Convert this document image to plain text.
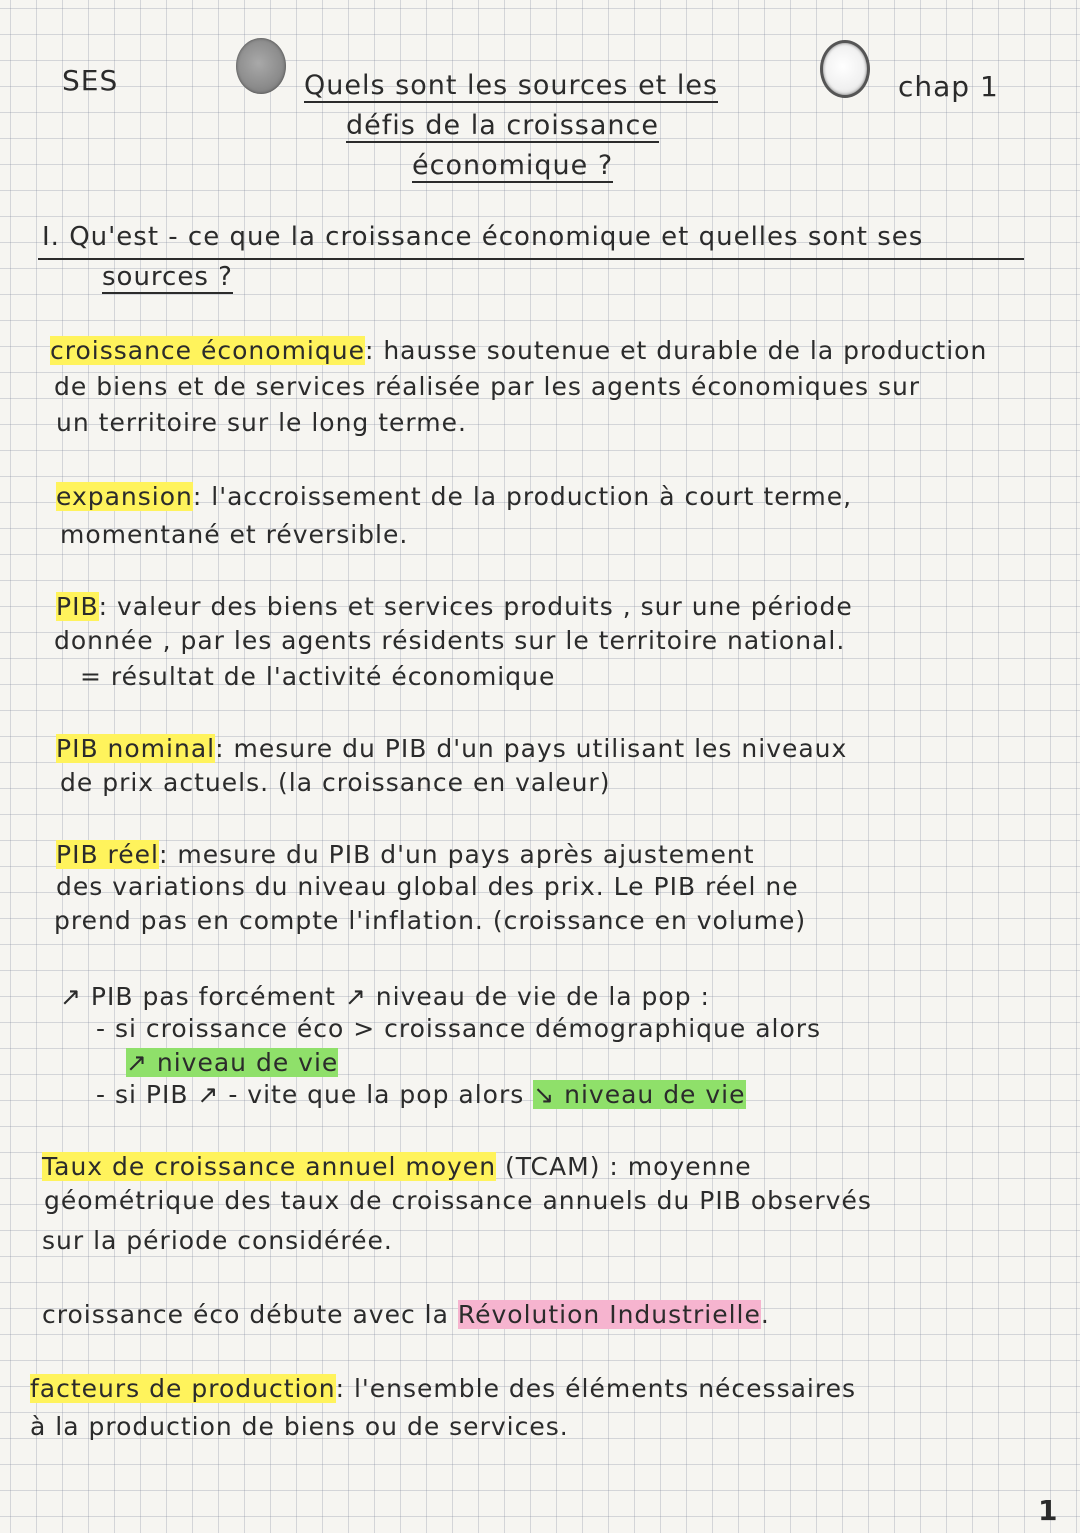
SES	chap 1
Quels sont les sources et les
défis de la croissance
économique ?
I. Qu'est - ce que la croissance économique et quelles sont ses
sources ?
croissance économique: hausse soutenue et durable de la production
de biens et de services réalisée par les agents économiques sur
un territoire sur le long terme.
expansion: l'accroissement de la production à court terme,
momentané et réversible.
PIB: valeur des biens et services produits , sur une période
donnée , par les agents résidents sur le territoire national.
= résultat de l'activité économique
PIB nominal: mesure du PIB d'un pays utilisant les niveaux
de prix actuels. (la croissance en valeur)
PIB réel: mesure du PIB d'un pays après ajustement
des variations du niveau global des prix. Le PIB réel ne
prend pas en compte l'inflation. (croissance en volume)
↗ PIB pas forcément ↗ niveau de vie de la pop :
- si croissance éco > croissance démographique alors
↗ niveau de vie
- si PIB ↗ - vite que la pop alors ↘ niveau de vie
Taux de croissance annuel moyen (TCAM) : moyenne
géométrique des taux de croissance annuels du PIB observés
sur la période considérée.
croissance éco débute avec la Révolution Industrielle.
facteurs de production: l'ensemble des éléments nécessaires
à la production de biens ou de services.
1
